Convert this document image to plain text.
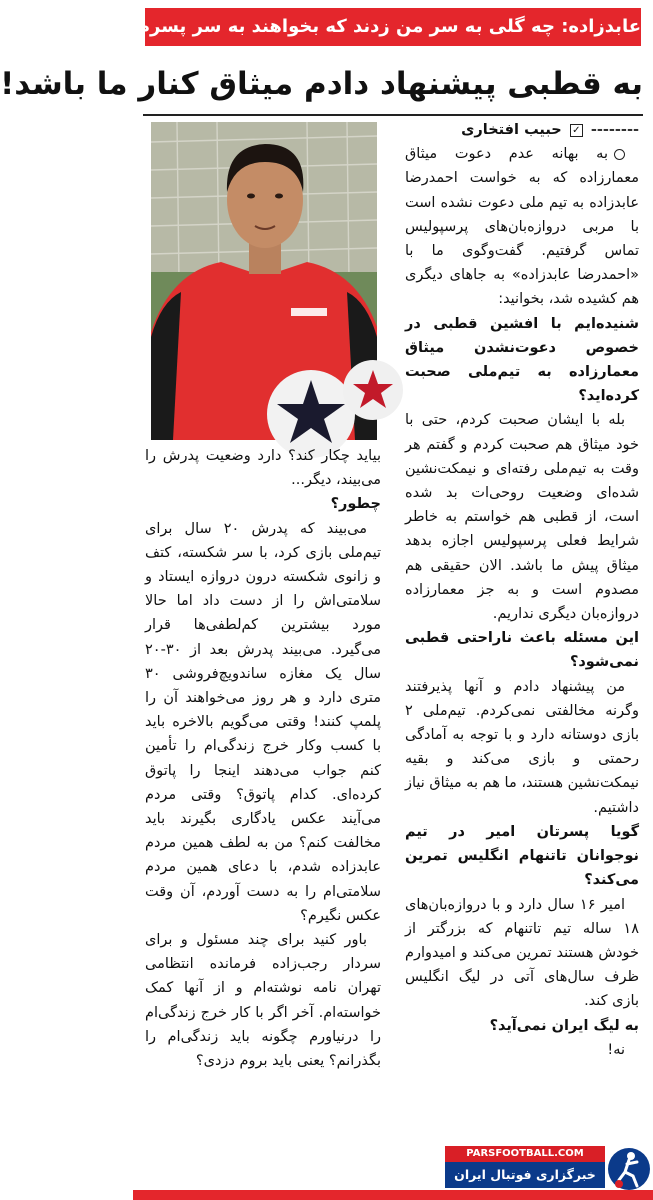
عابدزاده: چه گلی به سر من زدند که بخواهند به سر پسرم بزنند
به قطبی پیشنهاد دادم میثاق کنار ما باشد!

-------- ✓ حبیب افتخاری

به بهانه عدم دعوت میثاق معمارزاده که به خواست احمدرضا عابدزاده به تیم ملی دعوت نشده است با مربی دروازه‌بان‌های پرسپولیس تماس گرفتیم. گفت‌وگوی ما با «احمدرضا عابدزاده» به جاهای دیگری هم کشیده شد، بخوانید:

شنیده‌ایم با افشین قطبی در خصوص دعوت‌نشدن میثاق معمارزاده به تیم‌ملی صحبت کرده‌اید؟

بله با ایشان صحبت کردم، حتی با خود میثاق هم صحبت کردم و گفتم هر وقت به تیم‌ملی رفته‌ای و نیمکت‌نشین شده‌ای وضعیت روحی‌ات بد شده است، از قطبی هم خواستم به خاطر شرایط فعلی پرسپولیس اجازه بدهد میثاق پیش ما باشد. الان حقیقی هم مصدوم است و به جز معمارزاده دروازه‌بان دیگری نداریم.

این مسئله باعث ناراحتی قطبی نمی‌شود؟

من پیشنهاد دادم و آنها پذیرفتند وگرنه مخالفتی نمی‌کردم. تیم‌ملی ۲ بازی دوستانه دارد و با توجه به آمادگی رحمتی و بازی می‌کند و بقیه نیمکت‌نشین هستند، ما هم به میثاق نیاز داشتیم.

گویا پسرتان امیر در تیم نوجوانان تاتنهام انگلیس تمرین می‌کند؟

امیر ۱۶ سال دارد و با دروازه‌بان‌های ۱۸ ساله تیم تاتنهام که بزرگتر از خودش هستند تمرین می‌کند و امیدوارم ظرف سال‌های آتی در لیگ انگلیس بازی کند.

به لیگ ایران نمی‌آید؟

نه!

بیاید چکار کند؟ دارد وضعیت پدرش را می‌بیند، دیگر...

چطور؟

می‌بیند که پدرش ۲۰ سال برای تیم‌ملی بازی کرد، با سر شکسته، کتف و زانوی شکسته درون دروازه ایستاد و سلامتی‌اش را از دست داد اما حالا مورد بیشترین کم‌لطفی‌ها قرار می‌گیرد. می‌بیند پدرش بعد از ۳۰-۲۰ سال یک مغازه ساندویچ‌فروشی ۳۰ متری دارد و هر روز می‌خواهند آن را پلمپ کنند! وقتی می‌گویم بالاخره باید با کسب وکار خرج زندگی‌ام را تأمین کنم جواب می‌دهند اینجا را پاتوق کرده‌ای. کدام پاتوق؟ وقتی مردم می‌آیند عکس یادگاری بگیرند باید مخالفت کنم؟ من به لطف همین مردم عابدزاده شدم، با دعای همین مردم سلامتی‌ام را به دست آوردم، آن وقت عکس نگیرم؟

باور کنید برای چند مسئول و برای سردار رجب‌زاده فرمانده انتظامی تهران نامه نوشته‌ام و از آنها کمک خواسته‌ام. آخر اگر با کار خرج زندگی‌ام را درنیاورم چگونه باید زندگی‌ام را بگذرانم؟ یعنی باید بروم دزدی؟

PARSFOOTBALL.COM
خبرگزاری فوتبال ایران
